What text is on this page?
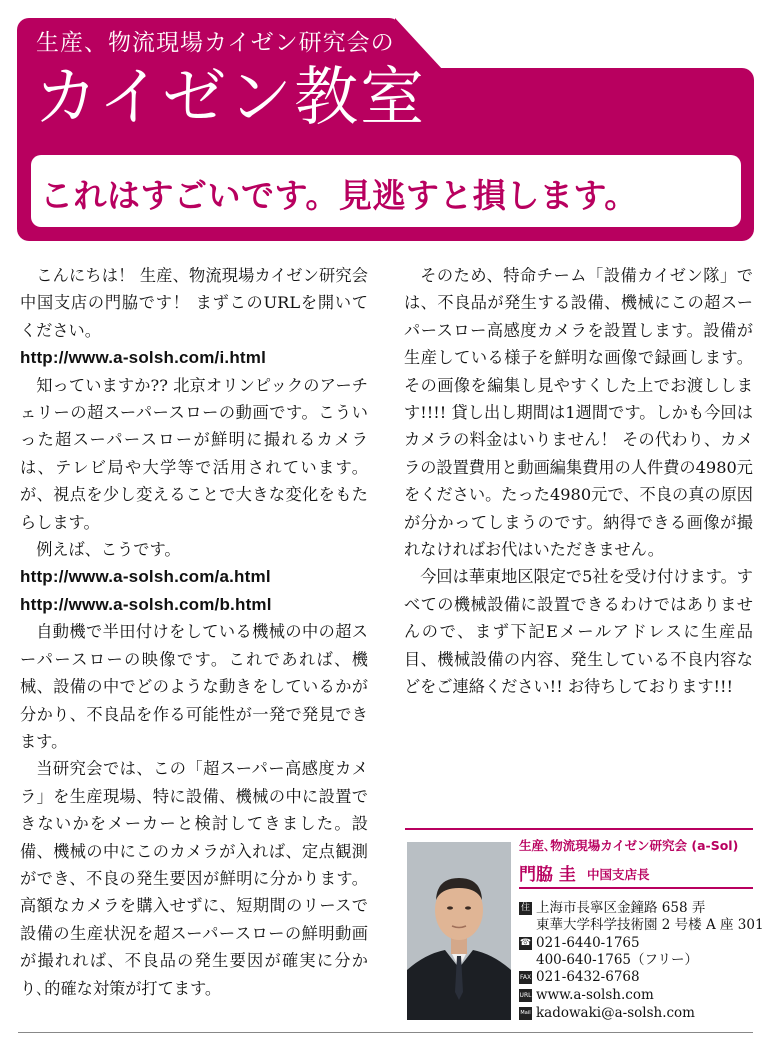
生産、物流現場カイゼン研究会の
カイゼン教室
これはすごいです。見逃すと損します。

こんにちは！ 生産、物流現場カイゼン研究会中国支店の門脇です！ まずこのURLを開いてください。

http://www.a-solsh.com/i.html

知っていますか?? 北京オリンピックのアーチェリーの超スーパースローの動画です。こういった超スーパースローが鮮明に撮れるカメラは、テレビ局や大学等で活用されています。が、視点を少し変えることで大きな変化をもたらします。

例えば、こうです。

http://www.a-solsh.com/a.html

http://www.a-solsh.com/b.html

自動機で半田付けをしている機械の中の超スーパースローの映像です。これであれば、機械、設備の中でどのような動きをしているかが分かり、不良品を作る可能性が一発で発見できます。

当研究会では、この「超スーパー高感度カメラ」を生産現場、特に設備、機械の中に設置できないかをメーカーと検討してきました。設備、機械の中にこのカメラが入れば、定点観測ができ、不良の発生要因が鮮明に分かります。高額なカメラを購入せずに、短期間のリースで設備の生産状況を超スーパースローの鮮明動画が撮れれば、不良品の発生要因が確実に分かり､的確な対策が打てます。

そのため、特命チーム「設備カイゼン隊」では、不良品が発生する設備、機械にこの超スーパースロー高感度カメラを設置します。設備が生産している様子を鮮明な画像で録画します。その画像を編集し見やすくした上でお渡しします!!!! 貸し出し期間は1週間です。しかも今回はカメラの料金はいりません！ その代わり、カメラの設置費用と動画編集費用の人件費の4980元をください。たった4980元で、不良の真の原因が分かってしまうのです。納得できる画像が撮れなければお代はいただきません。

今回は華東地区限定で5社を受け付けます。すべての機械設備に設置できるわけではありませんので、まず下記Eメールアドレスに生産品目、機械設備の内容、発生している不良内容などをご連絡ください!! お待ちしております!!!

生産､物流現場カイゼン研究会 (a-Sol)
門脇 圭 中国支店長
住 上海市長寧区金鐘路 658 弄
東華大学科学技術園 2 号楼 A 座 301
☎ 021-6440-1765
400-640-1765（フリー）
FAX 021-6432-6768
URL www.a-solsh.com
Mail kadowaki@a-solsh.com
